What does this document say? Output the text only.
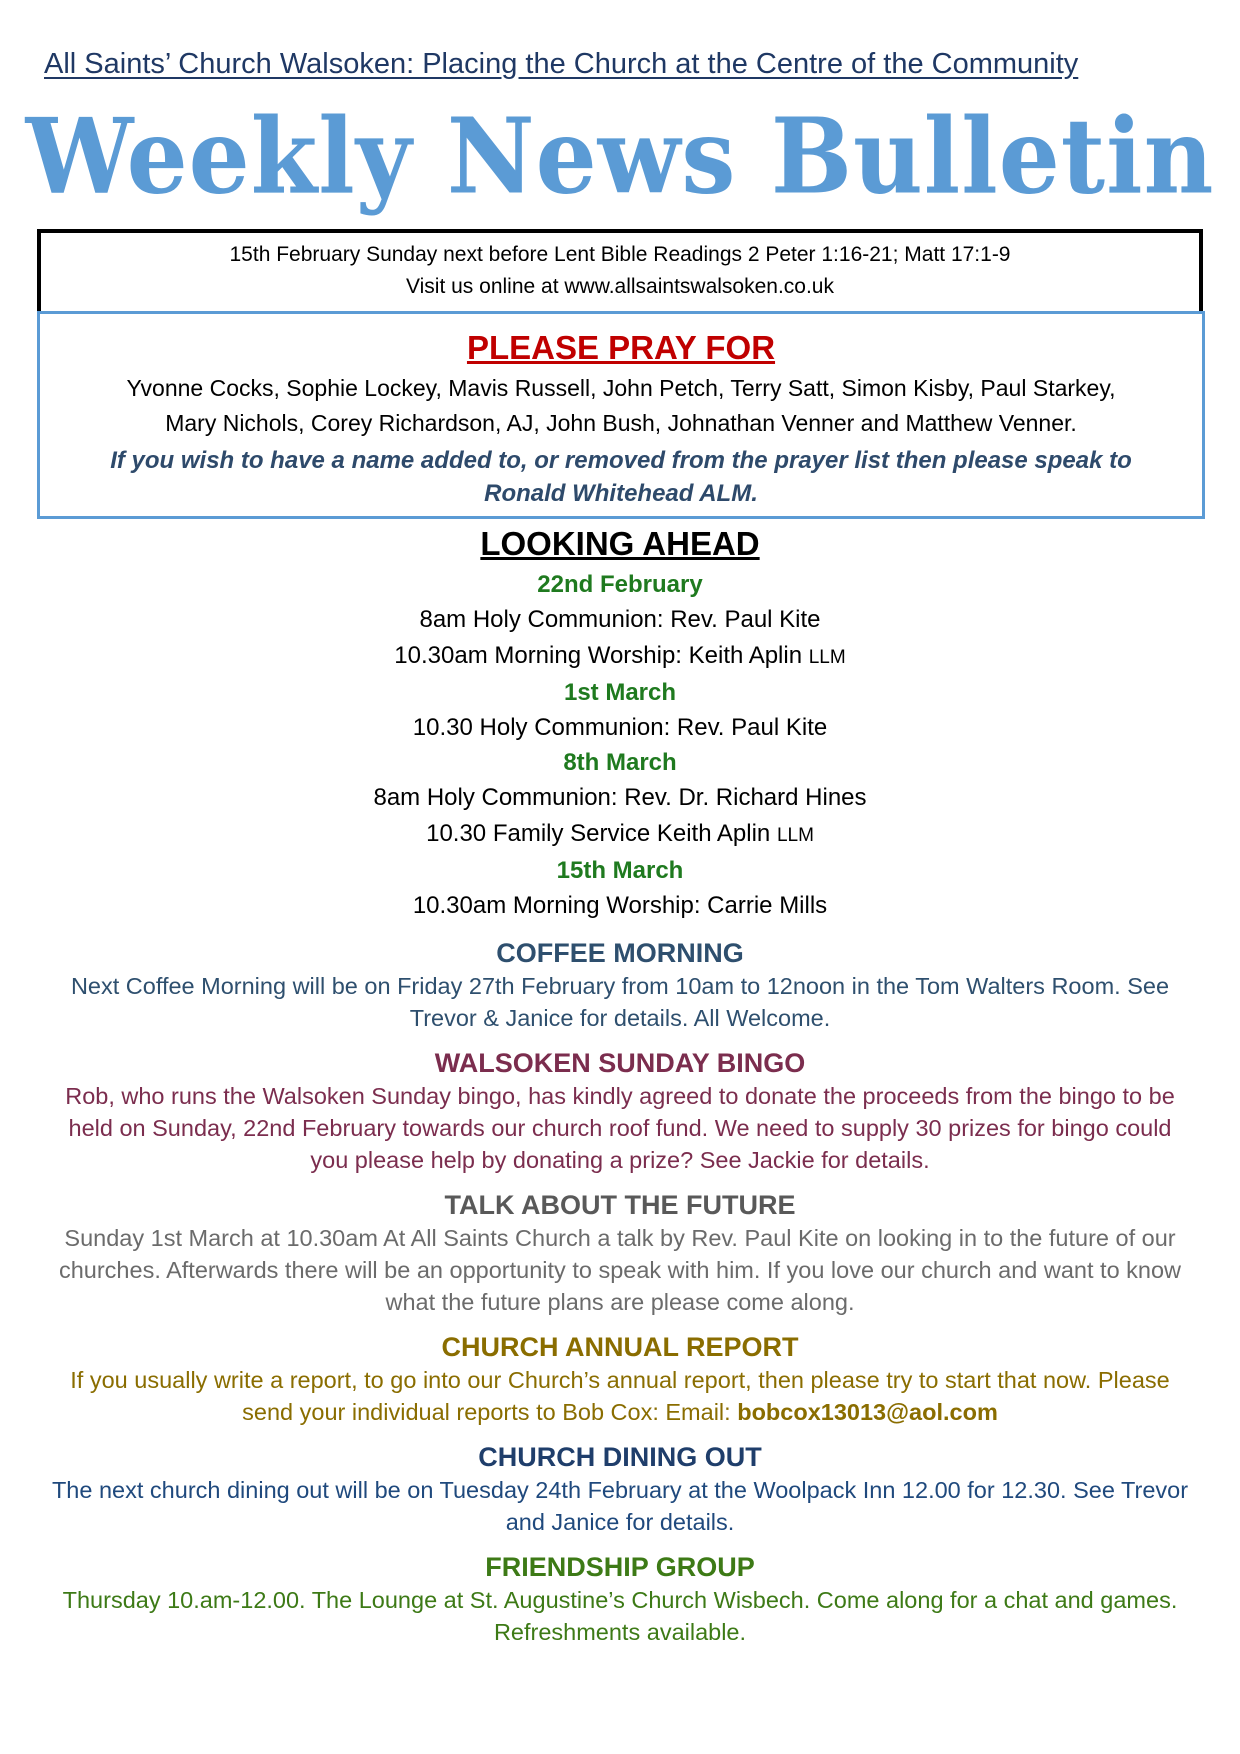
All Saints’ Church Walsoken: Placing the Church at the Centre of the Community
Weekly News Bulletin
15th February Sunday next before Lent Bible Readings 2 Peter 1:16-21; Matt 17:1-9
Visit us online at www.allsaintswalsoken.co.uk
PLEASE PRAY FOR
Yvonne Cocks, Sophie Lockey, Mavis Russell, John Petch, Terry Satt, Simon Kisby, Paul Starkey,
Mary Nichols, Corey Richardson, AJ, John Bush, Johnathan Venner and Matthew Venner.
If you wish to have a name added to, or removed from the prayer list then please speak to Ronald Whitehead ALM.
LOOKING AHEAD
22nd February
8am Holy Communion: Rev. Paul Kite
10.30am Morning Worship: Keith Aplin LLM
1st March
10.30 Holy Communion: Rev. Paul Kite
8th March
8am Holy Communion: Rev. Dr. Richard Hines
10.30 Family Service Keith Aplin LLM
15th March
10.30am Morning Worship: Carrie Mills
COFFEE MORNING
Next Coffee Morning will be on Friday 27th February from 10am to 12noon in the Tom Walters Room. See Trevor & Janice for details. All Welcome.
WALSOKEN SUNDAY BINGO
Rob, who runs the Walsoken Sunday bingo, has kindly agreed to donate the proceeds from the bingo to be held on Sunday, 22nd February towards our church roof fund. We need to supply 30 prizes for bingo could you please help by donating a prize? See Jackie for details.
TALK ABOUT THE FUTURE
Sunday 1st March at 10.30am At All Saints Church a talk by Rev. Paul Kite on looking in to the future of our churches. Afterwards there will be an opportunity to speak with him. If you love our church and want to know what the future plans are please come along.
CHURCH ANNUAL REPORT
If you usually write a report, to go into our Church’s annual report, then please try to start that now. Please send your individual reports to Bob Cox: Email: bobcox13013@aol.com
CHURCH DINING OUT
The next church dining out will be on Tuesday 24th February at the Woolpack Inn 12.00 for 12.30. See Trevor and Janice for details.
FRIENDSHIP GROUP
Thursday 10.am-12.00. The Lounge at St. Augustine’s Church Wisbech. Come along for a chat and games. Refreshments available.
